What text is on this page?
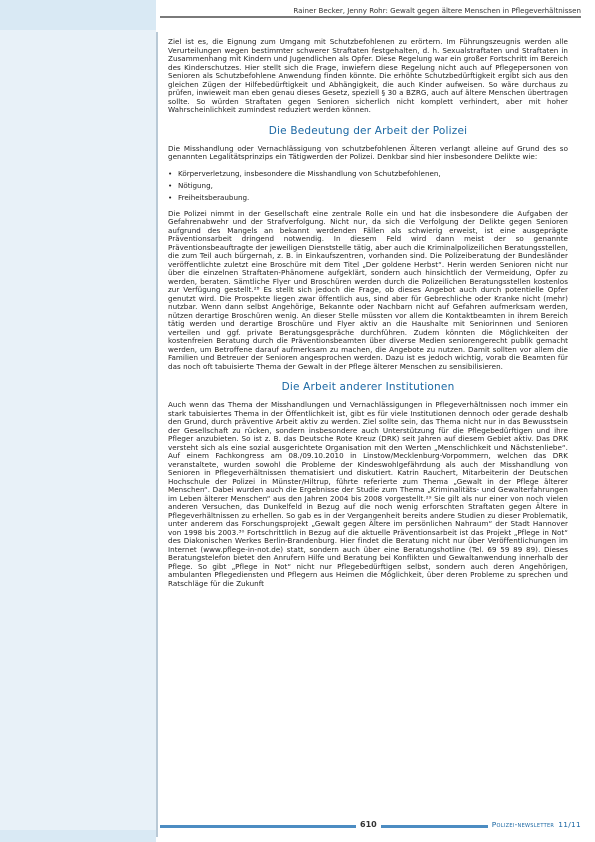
Rainer Becker, Jenny Rohr: Gewalt gegen ältere Menschen in Pflegeverhältnissen

Ziel ist es, die Eignung zum Umgang mit Schutzbefohlenen zu erörtern. Im Führungszeugnis werden alle Verurteilungen wegen bestimmter schwerer Straftaten festgehalten, d. h. Sexualstraftaten und Straftaten in Zusammenhang mit Kindern und Jugendlichen als Opfer. Diese Regelung war ein großer Fortschritt im Bereich des Kinderschutzes. Hier stellt sich die Frage, inwiefern diese Regelung nicht auch auf Pflegepersonen von Senioren als Schutzbefohlene Anwendung finden könnte. Die erhöhte Schutzbedürftigkeit ergibt sich aus den gleichen Zügen der Hilfebedürftigkeit und Abhängigkeit, die auch Kinder aufweisen. So wäre durchaus zu prüfen, inwieweit man eben genau dieses Gesetz, speziell § 30 a BZRG, auch auf ältere Menschen übertragen sollte. So würden Straftaten gegen Senioren sicherlich nicht komplett verhindert, aber mit hoher Wahrscheinlichkeit zumindest reduziert werden können.

Die Bedeutung der Arbeit der Polizei

Die Misshandlung oder Vernachlässigung von schutzbefohlenen Älteren verlangt alleine auf Grund des so genannten Legalitätsprinzips ein Tätigwerden der Polizei. Denkbar sind hier insbesondere Delikte wie:

• Körperverletzung, insbesondere die Misshandlung von Schutzbefohlenen,
• Nötigung,
• Freiheitsberaubung.

Die Polizei nimmt in der Gesellschaft eine zentrale Rolle ein und hat die insbesondere die Aufgaben der Gefahrenabwehr und der Strafverfolgung. Nicht nur, da sich die Verfolgung der Delikte gegen Senioren aufgrund des Mangels an bekannt werdenden Fällen als schwierig erweist, ist eine ausgeprägte Präventionsarbeit dringend notwendig. In diesem Feld wird dann meist der so genannte Präventionsbeauftragte der jeweiligen Dienststelle tätig, aber auch die Kriminalpolizeilichen Beratungsstellen, die zum Teil auch bürgernah, z. B. in Einkaufszentren, vorhanden sind. Die Polizeiberatung der Bundesländer veröffentlichte zuletzt eine Broschüre mit dem Titel „Der goldene Herbst“. Herin werden Senioren nicht nur über die einzelnen Straftaten-Phänomene aufgeklärt, sondern auch hinsichtlich der Vermeidung, Opfer zu werden, beraten. Sämtliche Flyer und Broschüren werden durch die Polizeilichen Beratungsstellen kostenlos zur Verfügung gestellt.²⁸ Es stellt sich jedoch die Frage, ob dieses Angebot auch durch potentielle Opfer genutzt wird. Die Prospekte liegen zwar öffentlich aus, sind aber für Gebrechliche oder Kranke nicht (mehr) nutzbar. Wenn dann selbst Angehörige, Bekannte oder Nachbarn nicht auf Gefahren aufmerksam werden, nützen derartige Broschüren wenig. An dieser Stelle müssten vor allem die Kontaktbeamten in ihrem Bereich tätig werden und derartige Broschüre und Flyer aktiv an die Haushalte mit Seniorinnen und Senioren verteilen und ggf. private Beratungsgespräche durchführen. Zudem könnten die Möglichkeiten der kostenfreien Beratung durch die Präventionsbeamten über diverse Medien seniorengerecht publik gemacht werden, um Betroffene darauf aufmerksam zu machen, die Angebote zu nutzen. Damit sollten vor allem die Familien und Betreuer der Senioren angesprochen werden. Dazu ist es jedoch wichtig, vorab die Beamten für das noch oft tabuisierte Thema der Gewalt in der Pflege älterer Menschen zu sensibilisieren.

Die Arbeit anderer Institutionen

Auch wenn das Thema der Misshandlungen und Vernachlässigungen in Pflegeverhältnissen noch immer ein stark tabuisiertes Thema in der Öffentlichkeit ist, gibt es für viele Institutionen dennoch oder gerade deshalb den Grund, durch präventive Arbeit aktiv zu werden. Ziel sollte sein, das Thema nicht nur in das Bewusstsein der Gesellschaft zu rücken, sondern insbesondere auch Unterstützung für die Pflegebedürftigen und ihre Pfleger anzubieten. So ist z. B. das Deutsche Rote Kreuz (DRK) seit Jahren auf diesem Gebiet aktiv. Das DRK versteht sich als eine sozial ausgerichtete Organisation mit den Werten „Menschlichkeit und Nächstenliebe“. Auf einem Fachkongress am 08./09.10.2010 in Linstow/Mecklenburg-Vorpommern, welchen das DRK veranstaltete, wurden sowohl die Probleme der Kindeswohlgefährdung als auch der Misshandlung von Senioren in Pflegeverhältnissen thematisiert und diskutiert. Katrin Rauchert, Mitarbeiterin der Deutschen Hochschule der Polizei in Münster/Hiltrup, führte referierte zum Thema „Gewalt in der Pflege älterer Menschen“. Dabei wurden auch die Ergebnisse der Studie zum Thema „Kriminalitäts- und Gewalterfahrungen im Leben älterer Menschen“ aus den Jahren 2004 bis 2008 vorgestellt.²⁹ Sie gilt als nur einer von noch vielen anderen Versuchen, das Dunkelfeld in Bezug auf die noch wenig erforschten Straftaten gegen Ältere in Pflegeverhältnissen zu erhellen. So gab es in der Vergangenheit bereits andere Studien zu dieser Problematik, unter anderem das Forschungsprojekt „Gewalt gegen Ältere im persönlichen Nahraum“ der Stadt Hannover von 1998 bis 2003.³⁰ Fortschrittlich in Bezug auf die aktuelle Präventionsarbeit ist das Projekt „Pflege in Not“ des Diakonischen Werkes Berlin-Brandenburg. Hier findet die Beratung nicht nur über Veröffentlichungen im Internet (www.pflege-in-not.de) statt, sondern auch über eine Beratungshotline (Tel. 69 59 89 89). Dieses Beratungstelefon bietet den Anrufern Hilfe und Beratung bei Konflikten und Gewaltanwendung innerhalb der Pflege. So gibt „Pflege in Not“ nicht nur Pflegebedürftigen selbst, sondern auch deren Angehörigen, ambulanten Pflegediensten und Pflegern aus Heimen die Möglichkeit, über deren Probleme zu sprechen und Ratschläge für die Zukunft

610	Polizei-newsletter 11/11
